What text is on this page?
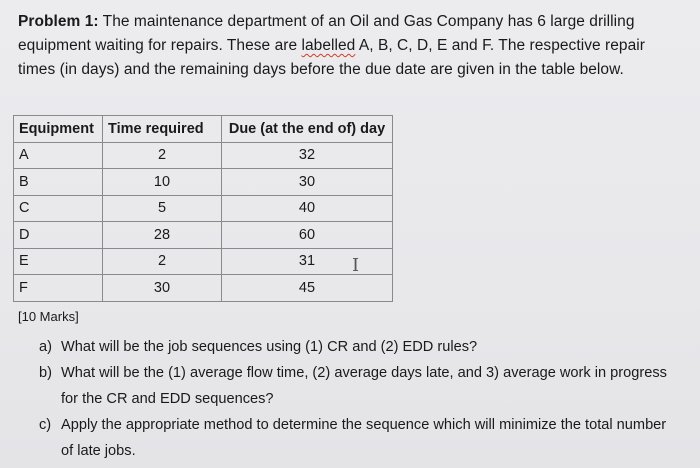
Problem 1: The maintenance department of an Oil and Gas Company has 6 large drilling
equipment waiting for repairs. These are labelled A, B, C, D, E and F. The respective repair
times (in days) and the remaining days before the due date are given in the table below.
Equipment	Time required	Due (at the end of) day
A	2	32
B	10	30
C	5	40
D	28	60
E	2	31
F	30	45
I
[10 Marks]
a) What will be the job sequences using (1) CR and (2) EDD rules?
b) What will be the (1) average flow time, (2) average days late, and 3) average work in progress for the CR and EDD sequences?
c) Apply the appropriate method to determine the sequence which will minimize the total number of late jobs.
